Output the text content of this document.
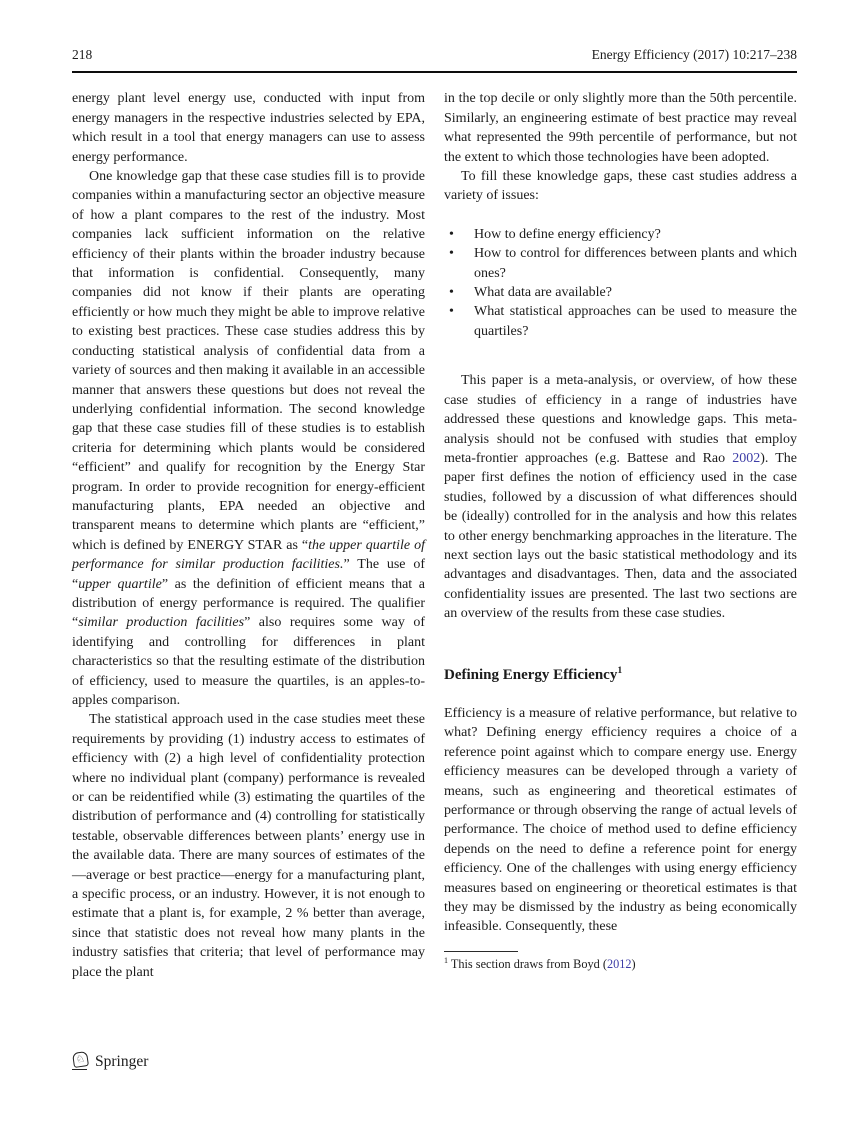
218	Energy Efficiency (2017) 10:217–238

energy plant level energy use, conducted with input from energy managers in the respective industries selected by EPA, which result in a tool that energy managers can use to assess energy performance.

One knowledge gap that these case studies fill is to provide companies within a manufacturing sector an objective measure of how a plant compares to the rest of the industry. Most companies lack sufficient information on the relative efficiency of their plants within the broader industry because that information is confidential. Consequently, many companies did not know if their plants are operating efficiently or how much they might be able to improve relative to existing best practices. These case studies address this by conducting statistical analysis of confidential data from a variety of sources and then making it available in an accessible manner that answers these questions but does not reveal the underlying confidential information. The second knowledge gap that these case studies fill of these studies is to establish criteria for determining which plants would be considered “efficient” and qualify for recognition by the Energy Star program. In order to provide recognition for energy-efficient manufacturing plants, EPA needed an objective and transparent means to determine which plants are “efficient,” which is defined by ENERGY STAR as “the upper quartile of performance for similar production facilities.” The use of “upper quartile” as the definition of efficient means that a distribution of energy performance is required. The qualifier “similar production facilities” also requires some way of identifying and controlling for differences in plant characteristics so that the resulting estimate of the distribution of efficiency, used to measure the quartiles, is an apples-to-apples comparison.

The statistical approach used in the case studies meet these requirements by providing (1) industry access to estimates of efficiency with (2) a high level of confidentiality protection where no individual plant (company) performance is revealed or can be reidentified while (3) estimating the quartiles of the distribution of performance and (4) controlling for statistically testable, observable differences between plants’ energy use in the available data. There are many sources of estimates of the—average or best practice—energy for a manufacturing plant, a specific process, or an industry. However, it is not enough to estimate that a plant is, for example, 2 % better than average, since that statistic does not reveal how many plants in the industry satisfies that criteria; that level of performance may place the plant

in the top decile or only slightly more than the 50th percentile. Similarly, an engineering estimate of best practice may reveal what represented the 99th percentile of performance, but not the extent to which those technologies have been adopted.

To fill these knowledge gaps, these cast studies address a variety of issues:

• How to define energy efficiency?
• How to control for differences between plants and which ones?
• What data are available?
• What statistical approaches can be used to measure the quartiles?

This paper is a meta-analysis, or overview, of how these case studies of efficiency in a range of industries have addressed these questions and knowledge gaps. This meta-analysis should not be confused with studies that employ meta-frontier approaches (e.g. Battese and Rao 2002). The paper first defines the notion of efficiency used in the case studies, followed by a discussion of what differences should be (ideally) controlled for in the analysis and how this relates to other energy benchmarking approaches in the literature. The next section lays out the basic statistical methodology and its advantages and disadvantages. Then, data and the associated confidentiality issues are presented. The last two sections are an overview of the results from these case studies.

Defining Energy Efficiency$^1$

Efficiency is a measure of relative performance, but relative to what? Defining energy efficiency requires a choice of a reference point against which to compare energy use. Energy efficiency measures can be developed through a variety of means, such as engineering and theoretical estimates of performance or through observing the range of actual levels of performance. The choice of method used to define efficiency depends on the need to define a reference point for energy efficiency. One of the challenges with using energy efficiency measures based on engineering or theoretical estimates is that they may be dismissed by the industry as being economically infeasible. Consequently, these

$^1$ This section draws from Boyd (2012)

♘ Springer
